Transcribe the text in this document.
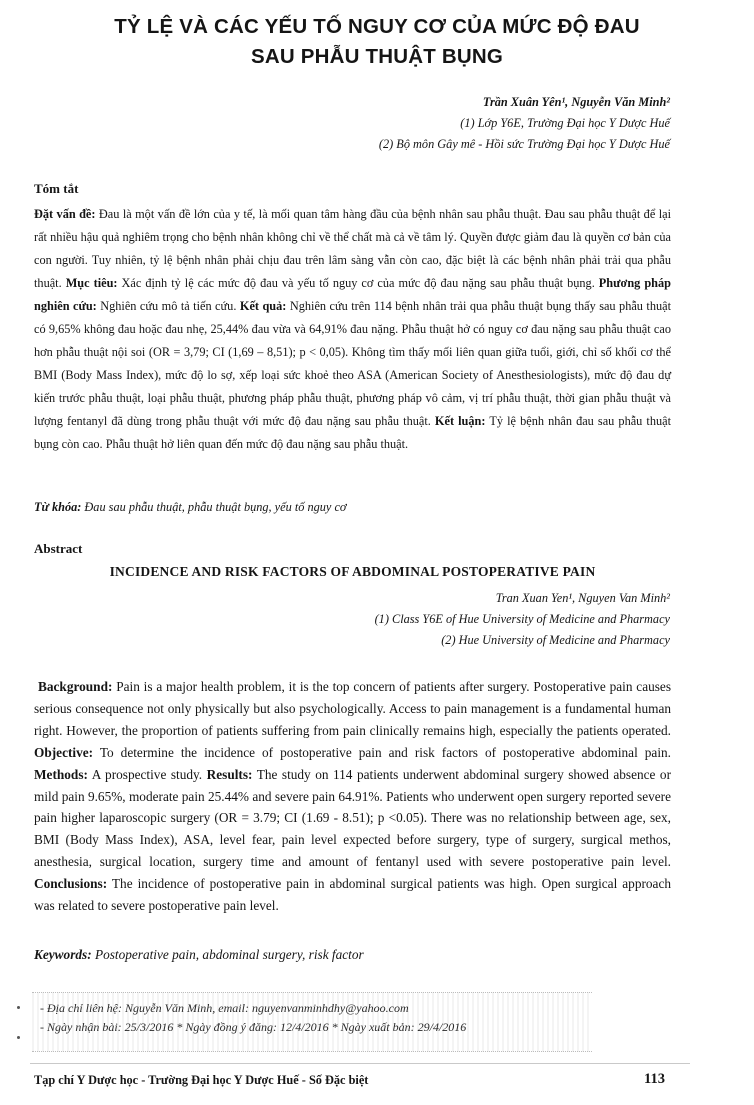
TỶ LỆ VÀ CÁC YẾU TỐ NGUY CƠ CỦA MỨC ĐỘ ĐAU
SAU PHẪU THUẬT BỤNG
Trần Xuân Yên¹, Nguyễn Văn Minh²
(1) Lớp Y6E, Trường Đại học Y Dược Huế
(2) Bộ môn Gây mê - Hồi sức Trường Đại học Y Dược Huế
Tóm tắt
Đặt vấn đề: Đau là một vấn đề lớn của y tế, là mối quan tâm hàng đầu của bệnh nhân sau phẫu thuật. Đau sau phẫu thuật để lại rất nhiều hậu quả nghiêm trọng cho bệnh nhân không chỉ về thể chất mà cả về tâm lý. Quyền được giảm đau là quyền cơ bản của con người. Tuy nhiên, tỷ lệ bệnh nhân phải chịu đau trên lâm sàng vẫn còn cao, đặc biệt là các bệnh nhân phải trải qua phẫu thuật. Mục tiêu: Xác định tỷ lệ các mức độ đau và yếu tố nguy cơ của mức độ đau nặng sau phẫu thuật bụng. Phương pháp nghiên cứu: Nghiên cứu mô tả tiến cứu. Kết quả: Nghiên cứu trên 114 bệnh nhân trải qua phẫu thuật bụng thấy sau phẫu thuật có 9,65% không đau hoặc đau nhẹ, 25,44% đau vừa và 64,91% đau nặng. Phẫu thuật hở có nguy cơ đau nặng sau phẫu thuật cao hơn phẫu thuật nội soi (OR = 3,79; CI (1,69 – 8,51); p < 0,05). Không tìm thấy mối liên quan giữa tuổi, giới, chỉ số khối cơ thể BMI (Body Mass Index), mức độ lo sợ, xếp loại sức khoẻ theo ASA (American Society of Anesthesiologists), mức độ đau dự kiến trước phẫu thuật, loại phẫu thuật, phương pháp phẫu thuật, phương pháp vô cảm, vị trí phẫu thuật, thời gian phẫu thuật và lượng fentanyl đã dùng trong phẫu thuật với mức độ đau nặng sau phẫu thuật. Kết luận: Tỷ lệ bệnh nhân đau sau phẫu thuật bụng còn cao. Phẫu thuật hở liên quan đến mức độ đau nặng sau phẫu thuật.
Từ khóa: Đau sau phẫu thuật, phẫu thuật bụng, yếu tố nguy cơ
Abstract
INCIDENCE AND RISK FACTORS OF ABDOMINAL POSTOPERATIVE PAIN
Tran Xuan Yen¹, Nguyen Van Minh²
(1) Class Y6E of Hue University of Medicine and Pharmacy
(2) Hue University of Medicine and Pharmacy
Background: Pain is a major health problem, it is the top concern of patients after surgery. Postoperative pain causes serious consequence not only physically but also psychologically. Access to pain management is a fundamental human right. However, the proportion of patients suffering from pain clinically remains high, especially the patients operated. Objective: To determine the incidence of postoperative pain and risk factors of postoperative abdominal pain. Methods: A prospective study. Results: The study on 114 patients underwent abdominal surgery showed absence or mild pain 9.65%, moderate pain 25.44% and severe pain 64.91%. Patients who underwent open surgery reported severe pain higher laparoscopic surgery (OR = 3.79; CI (1.69 - 8.51); p <0.05). There was no relationship between age, sex, BMI (Body Mass Index), ASA, level fear, pain level expected before surgery, type of surgery, surgical methos, anesthesia, surgical location, surgery time and amount of fentanyl used with severe postoperative pain level. Conclusions: The incidence of postoperative pain in abdominal surgical patients was high. Open surgical approach was related to severe postoperative pain level.
Keywords: Postoperative pain, abdominal surgery, risk factor
- Địa chỉ liên hệ: Nguyễn Văn Minh, email: nguyenvanminhdhy@yahoo.com
- Ngày nhận bài: 25/3/2016 * Ngày đồng ý đăng: 12/4/2016 * Ngày xuất bản: 29/4/2016
Tạp chí Y Dược học - Trường Đại học Y Dược Huế - Số Đặc biệt	113
